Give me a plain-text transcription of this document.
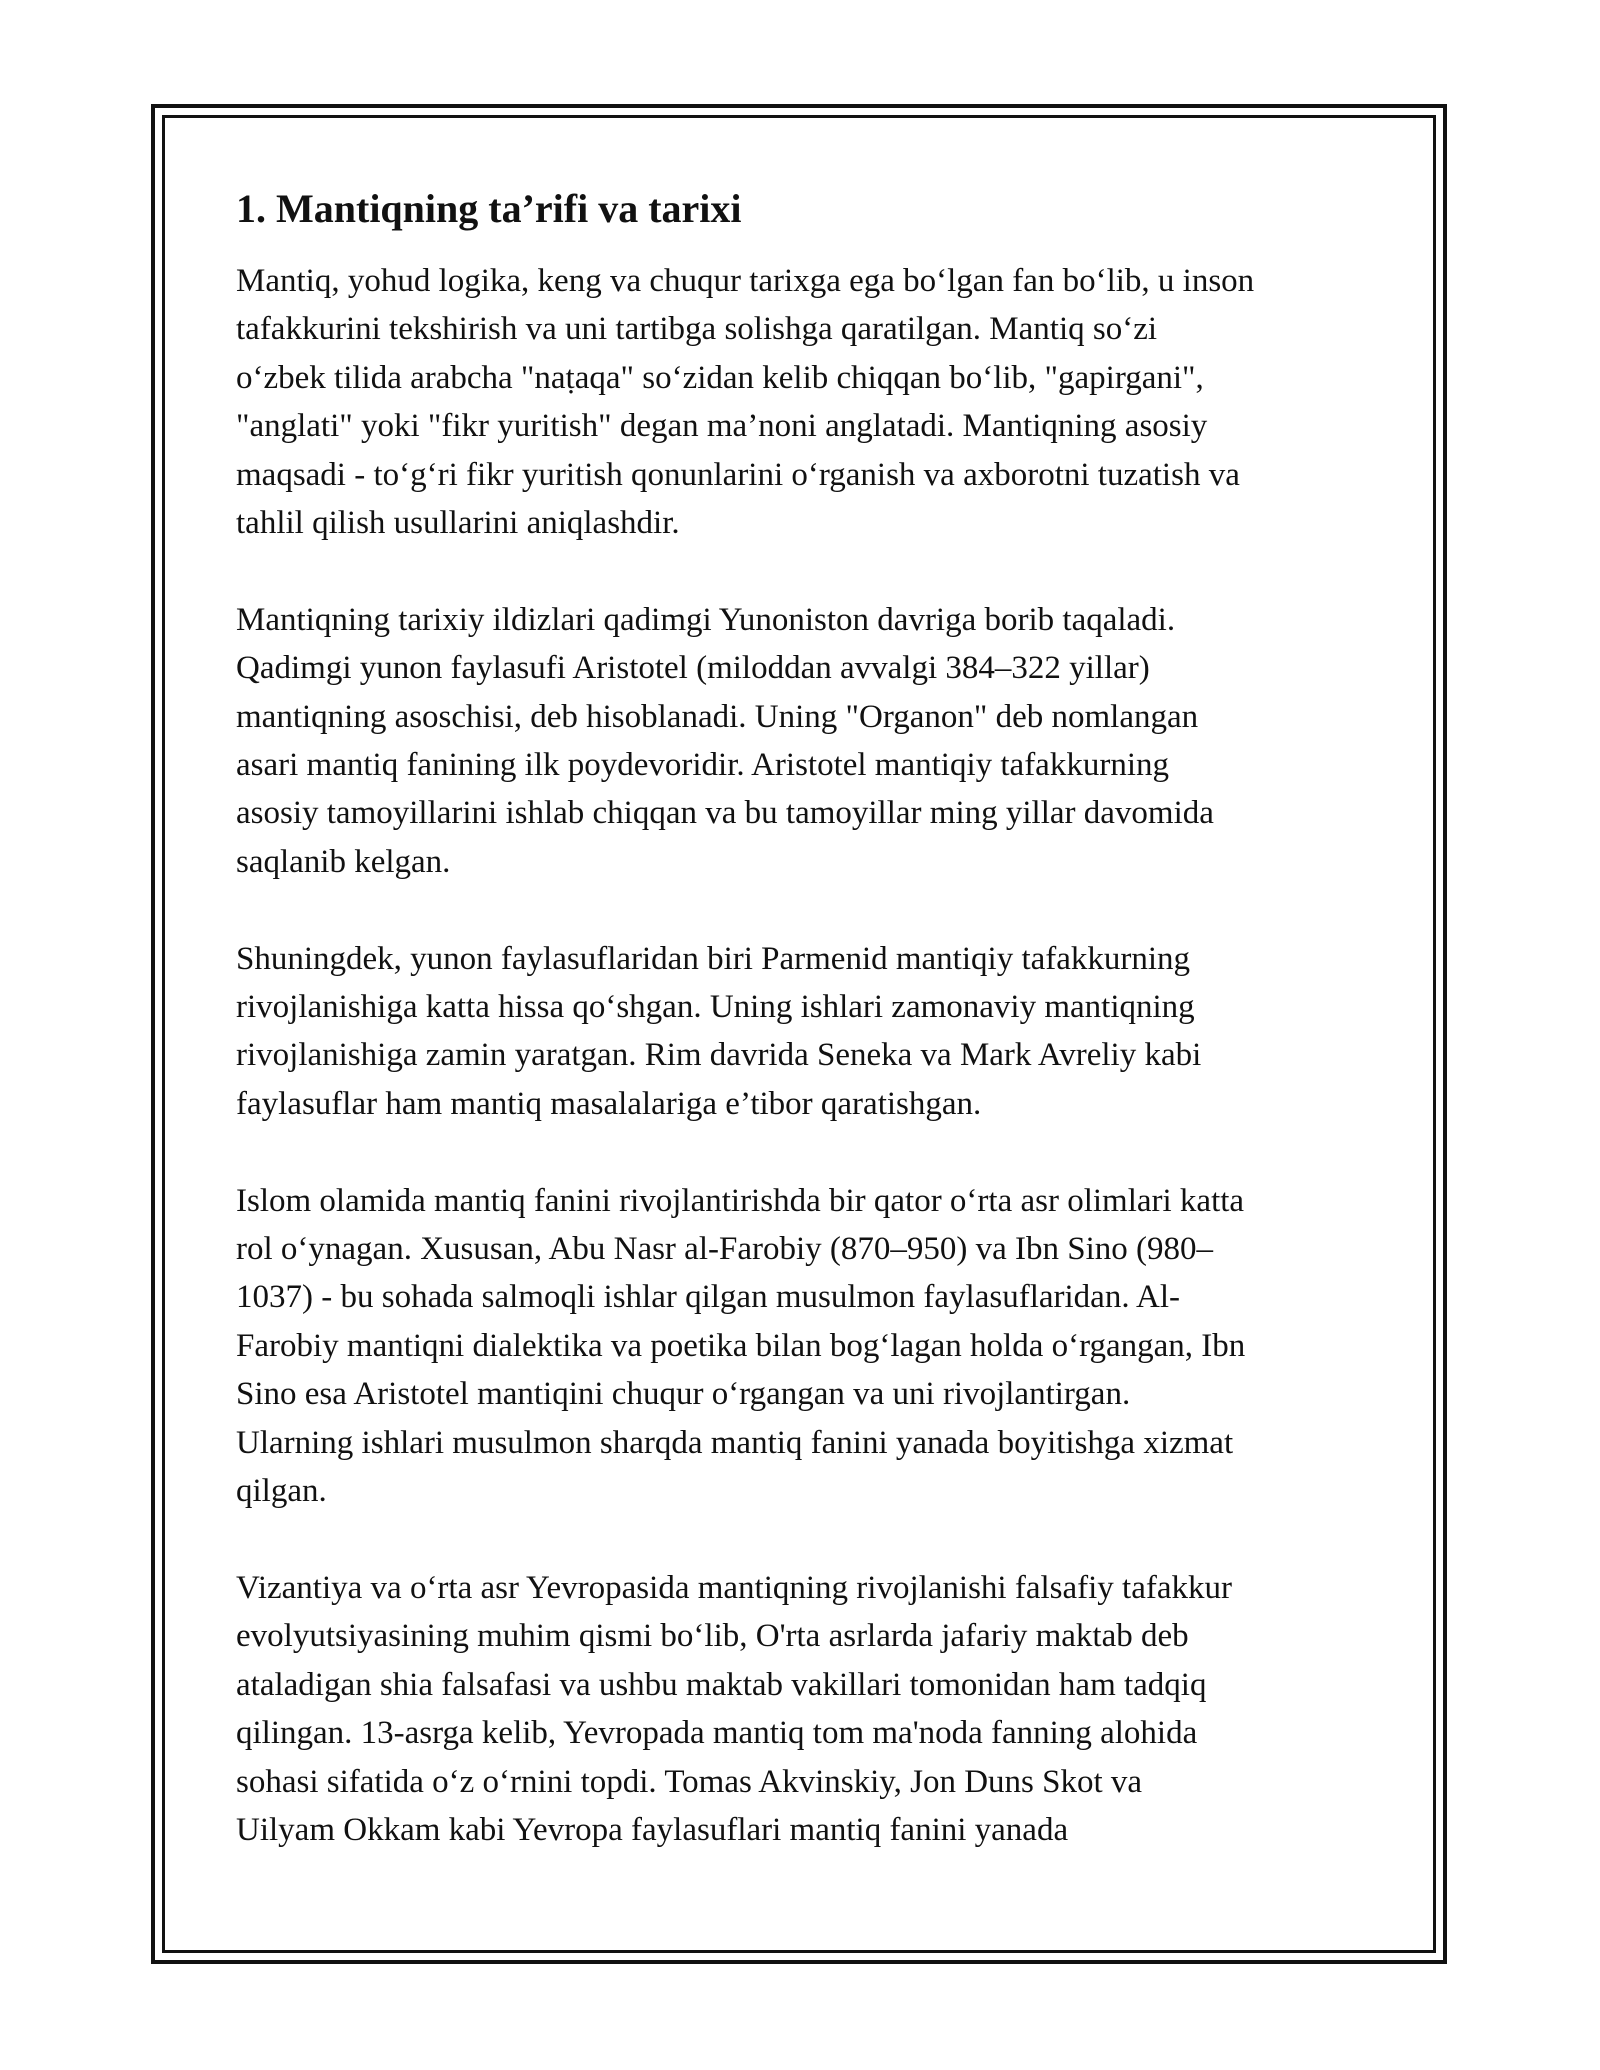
1. Mantiqning ta’rifi va tarixi

Mantiq, yohud logika, keng va chuqur tarixga ega bo‘lgan fan bo‘lib, u inson
tafakkurini tekshirish va uni tartibga solishga qaratilgan. Mantiq so‘zi
o‘zbek tilida arabcha "naṭaqa" so‘zidan kelib chiqqan bo‘lib, "gapirgani",
"anglati" yoki "fikr yuritish" degan ma’noni anglatadi. Mantiqning asosiy
maqsadi - to‘g‘ri fikr yuritish qonunlarini o‘rganish va axborotni tuzatish va
tahlil qilish usullarini aniqlashdir.

Mantiqning tarixiy ildizlari qadimgi Yunoniston davriga borib taqaladi.
Qadimgi yunon faylasufi Aristotel (miloddan avvalgi 384–322 yillar)
mantiqning asoschisi, deb hisoblanadi. Uning "Organon" deb nomlangan
asari mantiq fanining ilk poydevoridir. Aristotel mantiqiy tafakkurning
asosiy tamoyillarini ishlab chiqqan va bu tamoyillar ming yillar davomida
saqlanib kelgan.

Shuningdek, yunon faylasuflaridan biri Parmenid mantiqiy tafakkurning
rivojlanishiga katta hissa qo‘shgan. Uning ishlari zamonaviy mantiqning
rivojlanishiga zamin yaratgan. Rim davrida Seneka va Mark Avreliy kabi
faylasuflar ham mantiq masalalariga e’tibor qaratishgan.

Islom olamida mantiq fanini rivojlantirishda bir qator o‘rta asr olimlari katta
rol o‘ynagan. Xususan, Abu Nasr al-Farobiy (870–950) va Ibn Sino (980–
1037) - bu sohada salmoqli ishlar qilgan musulmon faylasuflaridan. Al-
Farobiy mantiqni dialektika va poetika bilan bog‘lagan holda o‘rgangan, Ibn
Sino esa Aristotel mantiqini chuqur o‘rgangan va uni rivojlantirgan.
Ularning ishlari musulmon sharqda mantiq fanini yanada boyitishga xizmat
qilgan.

Vizantiya va o‘rta asr Yevropasida mantiqning rivojlanishi falsafiy tafakkur
evolyutsiyasining muhim qismi bo‘lib, O'rta asrlarda jafariy maktab deb
ataladigan shia falsafasi va ushbu maktab vakillari tomonidan ham tadqiq
qilingan. 13-asrga kelib, Yevropada mantiq tom ma'noda fanning alohida
sohasi sifatida o‘z o‘rnini topdi. Tomas Akvinskiy, Jon Duns Skot va
Uilyam Okkam kabi Yevropa faylasuflari mantiq fanini yanada
